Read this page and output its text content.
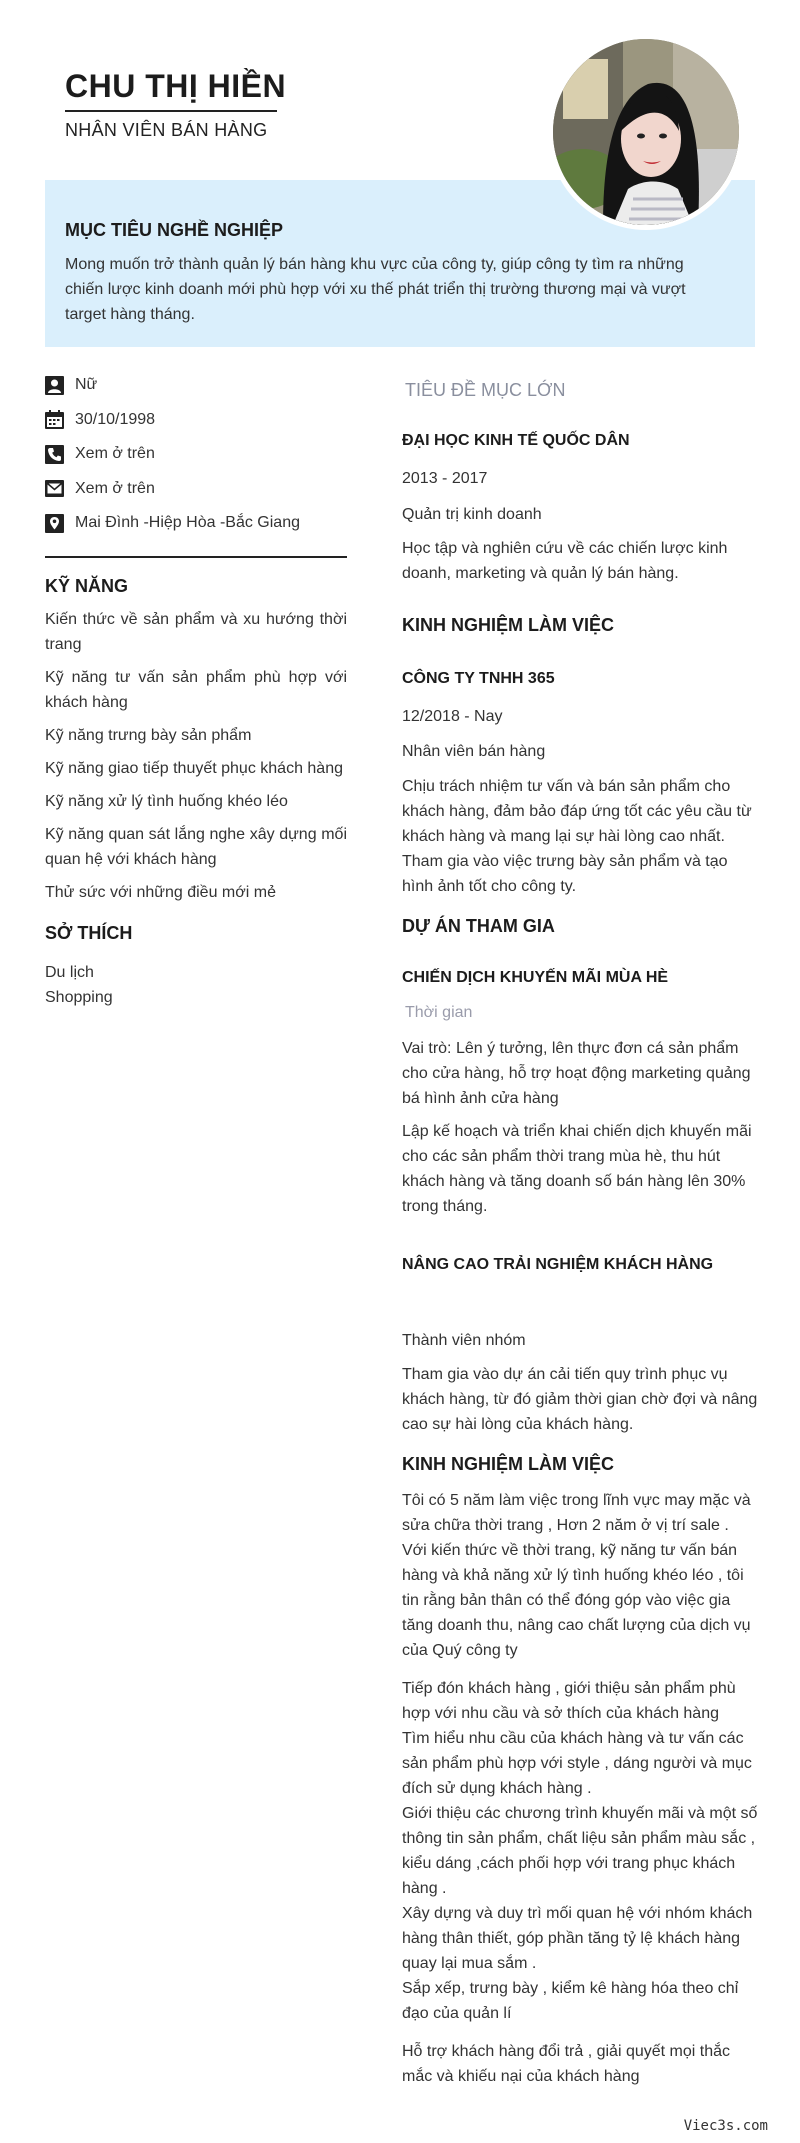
CHU THỊ HIỀN
NHÂN VIÊN BÁN HÀNG
MỤC TIÊU NGHỀ NGHIỆP

Mong muốn trở thành quản lý bán hàng khu vực của công ty, giúp công ty tìm ra những chiến lược kinh doanh mới phù hợp với xu thế phát triển thị trường thương mại và vượt target hàng tháng.

Nữ
30/10/1998
Xem ở trên
Xem ở trên
Mai Đình -Hiệp Hòa -Bắc Giang
KỸ NĂNG
Kiến thức về sản phẩm và xu hướng thời trang
Kỹ năng tư vấn sản phẩm phù hợp với khách hàng
Kỹ năng trưng bày sản phẩm
Kỹ năng giao tiếp thuyết phục khách hàng
Kỹ năng xử lý tình huống khéo léo
Kỹ năng quan sát lắng nghe xây dựng mối quan hệ với khách hàng
Thử sức với những điều mới mẻ
SỞ THÍCH
Du lịch
Shopping
TIÊU ĐỀ MỤC LỚN
ĐẠI HỌC KINH TẾ QUỐC DÂN
2013 - 2017
Quản trị kinh doanh
Học tập và nghiên cứu về các chiến lược kinh doanh, marketing và quản lý bán hàng.
KINH NGHIỆM LÀM VIỆC
CÔNG TY TNHH 365
12/2018 - Nay
Nhân viên bán hàng
Chịu trách nhiệm tư vấn và bán sản phẩm cho khách hàng, đảm bảo đáp ứng tốt các yêu cầu từ khách hàng và mang lại sự hài lòng cao nhất. Tham gia vào việc trưng bày sản phẩm và tạo hình ảnh tốt cho công ty.
DỰ ÁN THAM GIA
CHIẾN DỊCH KHUYẾN MÃI MÙA HÈ
Thời gian
Vai trò: Lên ý tưởng, lên thực đơn cá sản phẩm cho cửa hàng, hỗ trợ hoạt động marketing quảng bá hình ảnh cửa hàng
Lập kế hoạch và triển khai chiến dịch khuyến mãi cho các sản phẩm thời trang mùa hè, thu hút khách hàng và tăng doanh số bán hàng lên 30% trong tháng.
NÂNG CAO TRẢI NGHIỆM KHÁCH HÀNG
Thành viên nhóm
Tham gia vào dự án cải tiến quy trình phục vụ khách hàng, từ đó giảm thời gian chờ đợi và nâng cao sự hài lòng của khách hàng.
KINH NGHIỆM LÀM VIỆC
Tôi có 5 năm làm việc trong lĩnh vực may mặc và sửa chữa thời trang , Hơn 2 năm ở vị trí sale .
Với kiến thức về thời trang, kỹ năng tư vấn bán hàng và khả năng xử lý tình huống khéo léo , tôi tin rằng bản thân có thể đóng góp vào việc gia tăng doanh thu, nâng cao chất lượng của dịch vụ của Quý công ty
Tiếp đón khách hàng , giới thiệu sản phẩm phù hợp với nhu cầu và sở thích của khách hàng
Tìm hiểu nhu cầu của khách hàng và tư vấn các sản phẩm phù hợp với style , dáng người và mục đích sử dụng khách hàng .
Giới thiệu các chương trình khuyến mãi và một số thông tin sản phẩm, chất liệu sản phẩm màu sắc , kiểu dáng ,cách phối hợp với trang phục khách hàng .
Xây dựng và duy trì mối quan hệ với nhóm khách hàng thân thiết, góp phần tăng tỷ lệ khách hàng quay lại mua sắm .
Sắp xếp, trưng bày , kiểm kê hàng hóa theo chỉ đạo của quản lí
Hỗ trợ khách hàng đổi trả , giải quyết mọi thắc mắc và khiếu nại của khách hàng
Viec3s.com
